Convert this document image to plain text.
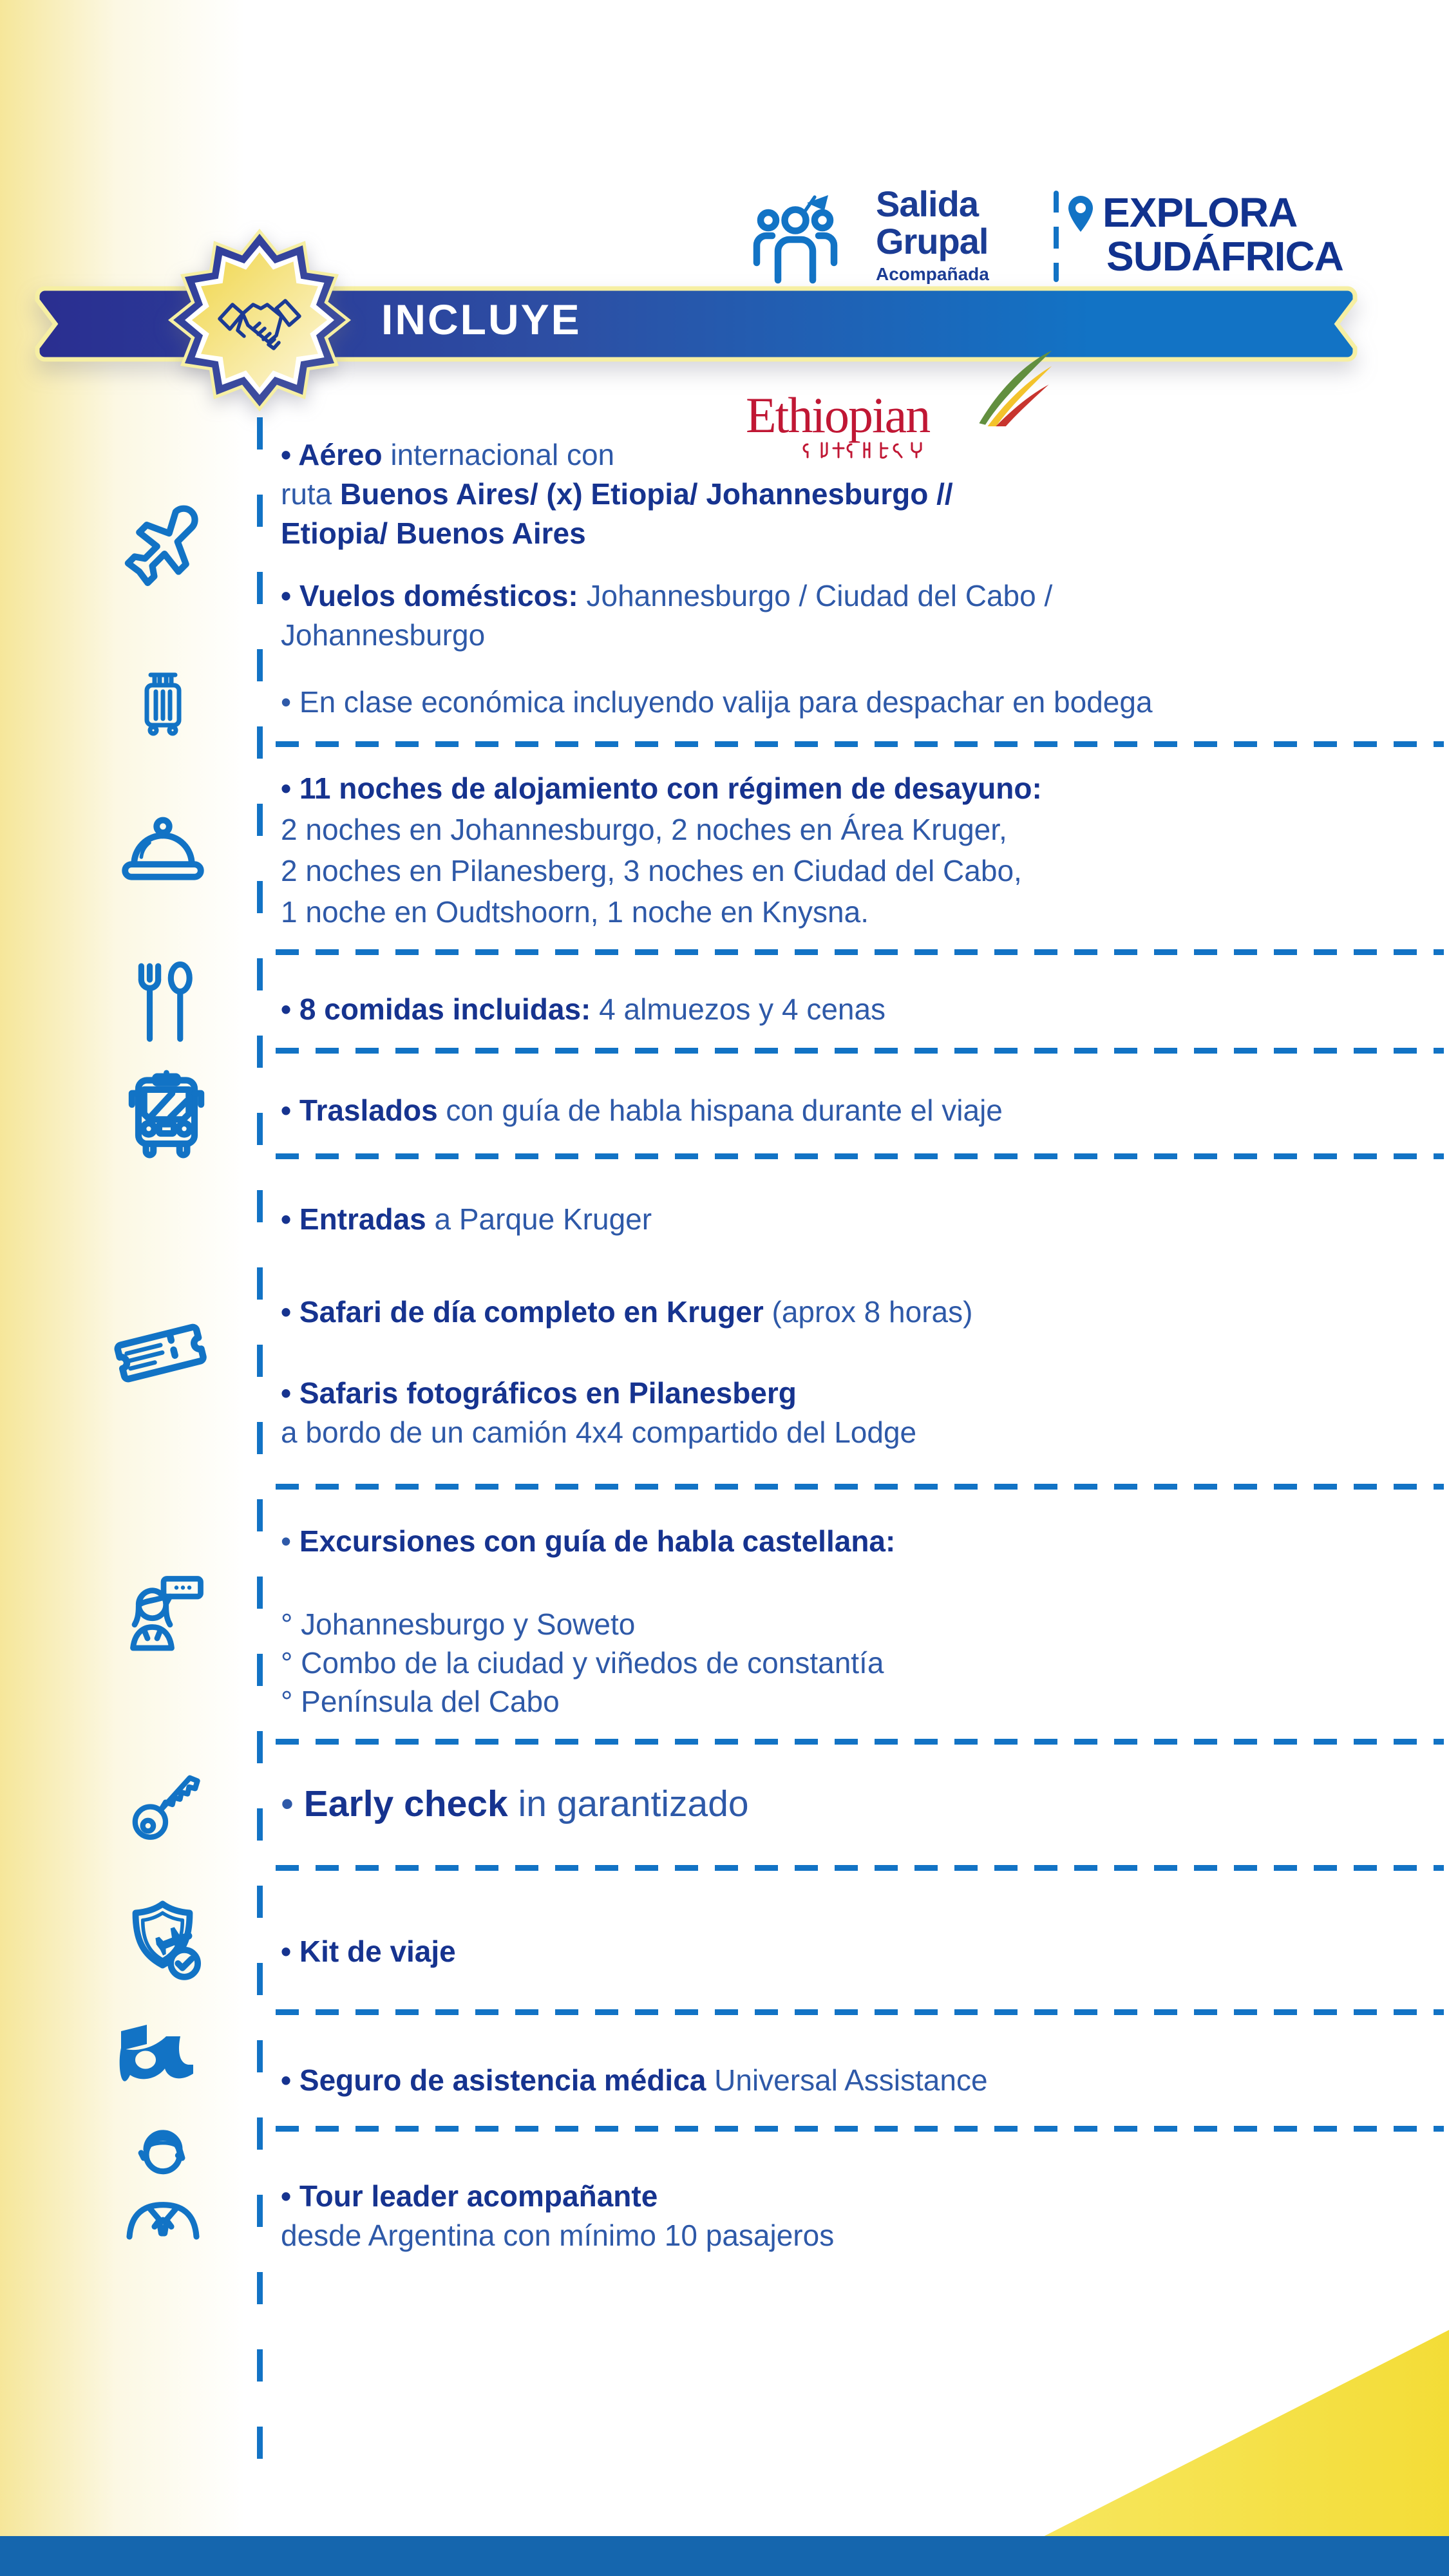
Salida
Grupal
Acompañada
EXPLORA
SUDÁFRICA
INCLUYE
Ethiopian
• Aéreo internacional con
ruta Buenos Aires/ (x) Etiopia/ Johannesburgo //
Etiopia/ Buenos Aires
• Vuelos domésticos: Johannesburgo / Ciudad del Cabo /
Johannesburgo
• En clase económica incluyendo valija para despachar en bodega
• 11 noches de alojamiento con régimen de desayuno:
2 noches en Johannesburgo, 2 noches en Área Kruger,
2 noches en Pilanesberg, 3 noches en Ciudad del Cabo,
1 noche en Oudtshoorn, 1 noche en Knysna.
• 8 comidas incluidas: 4 almuezos y 4 cenas
• Traslados con guía de habla hispana durante el viaje
• Entradas a Parque Kruger
• Safari de día completo en Kruger (aprox 8 horas)
• Safaris fotográficos en Pilanesberg
a bordo de un camión 4x4 compartido del Lodge
• Excursiones con guía de habla castellana:
° Johannesburgo y Soweto
° Combo de la ciudad y viñedos de constantía
° Península del Cabo
• Early check in garantizado
• Kit de viaje
• Seguro de asistencia médica Universal Assistance
• Tour leader acompañante
desde Argentina con mínimo 10 pasajeros
